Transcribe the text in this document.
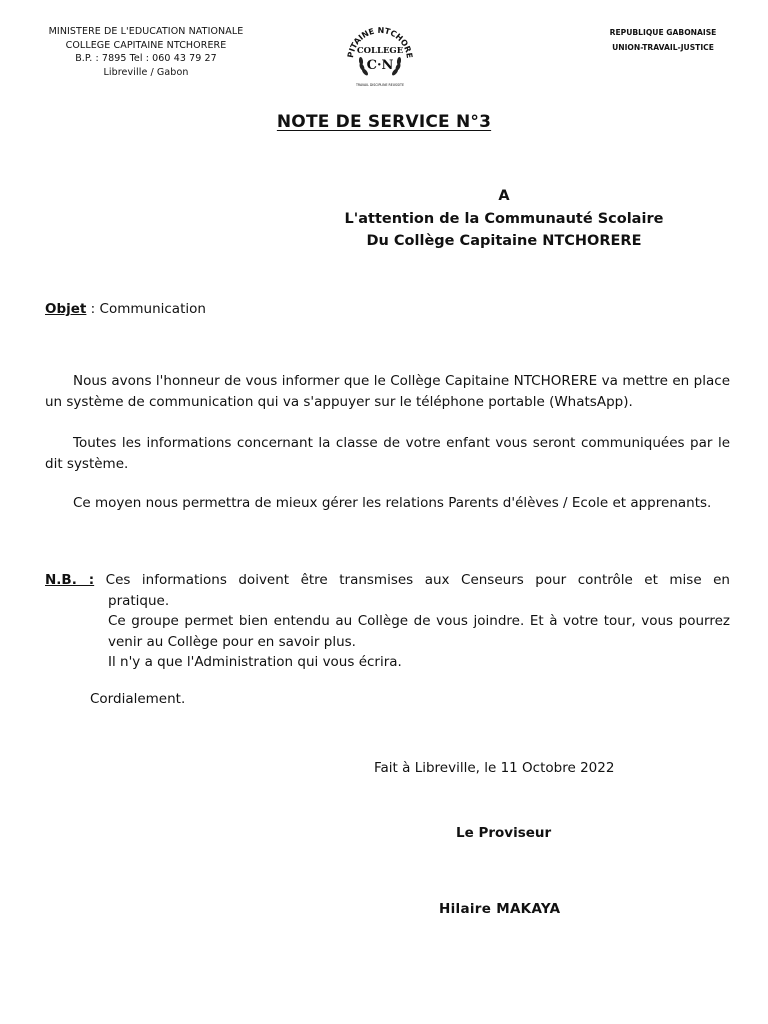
MINISTERE DE L'EDUCATION NATIONALE
COLLEGE CAPITAINE NTCHORERE
B.P. : 7895 Tel : 060 43 79 27
Libreville / Gabon
PITAINE NTCHORE
COLLEGE
C·N
TRAVAIL DISCIPLINE REUSSITE
REPUBLIQUE GABONAISE
UNION-TRAVAIL-JUSTICE
NOTE DE SERVICE N°3
A
L'attention de la Communauté Scolaire
Du Collège Capitaine NTCHORERE
Objet : Communication
Nous avons l'honneur de vous informer que le Collège Capitaine NTCHORERE va mettre en place un système de communication qui va s'appuyer sur le téléphone portable (WhatsApp).
Toutes les informations concernant la classe de votre enfant vous seront communiquées par le dit système.
Ce moyen nous permettra de mieux gérer les relations Parents d'élèves / Ecole et apprenants.
N.B. : Ces informations doivent être transmises aux Censeurs pour contrôle et mise en
pratique.
Ce groupe permet bien entendu au Collège de vous joindre. Et à votre tour, vous pourrez venir au Collège pour en savoir plus.
Il n'y a que l'Administration qui vous écrira.
Cordialement.
Fait à Libreville, le 11 Octobre 2022
Le Proviseur
Hilaire MAKAYA
